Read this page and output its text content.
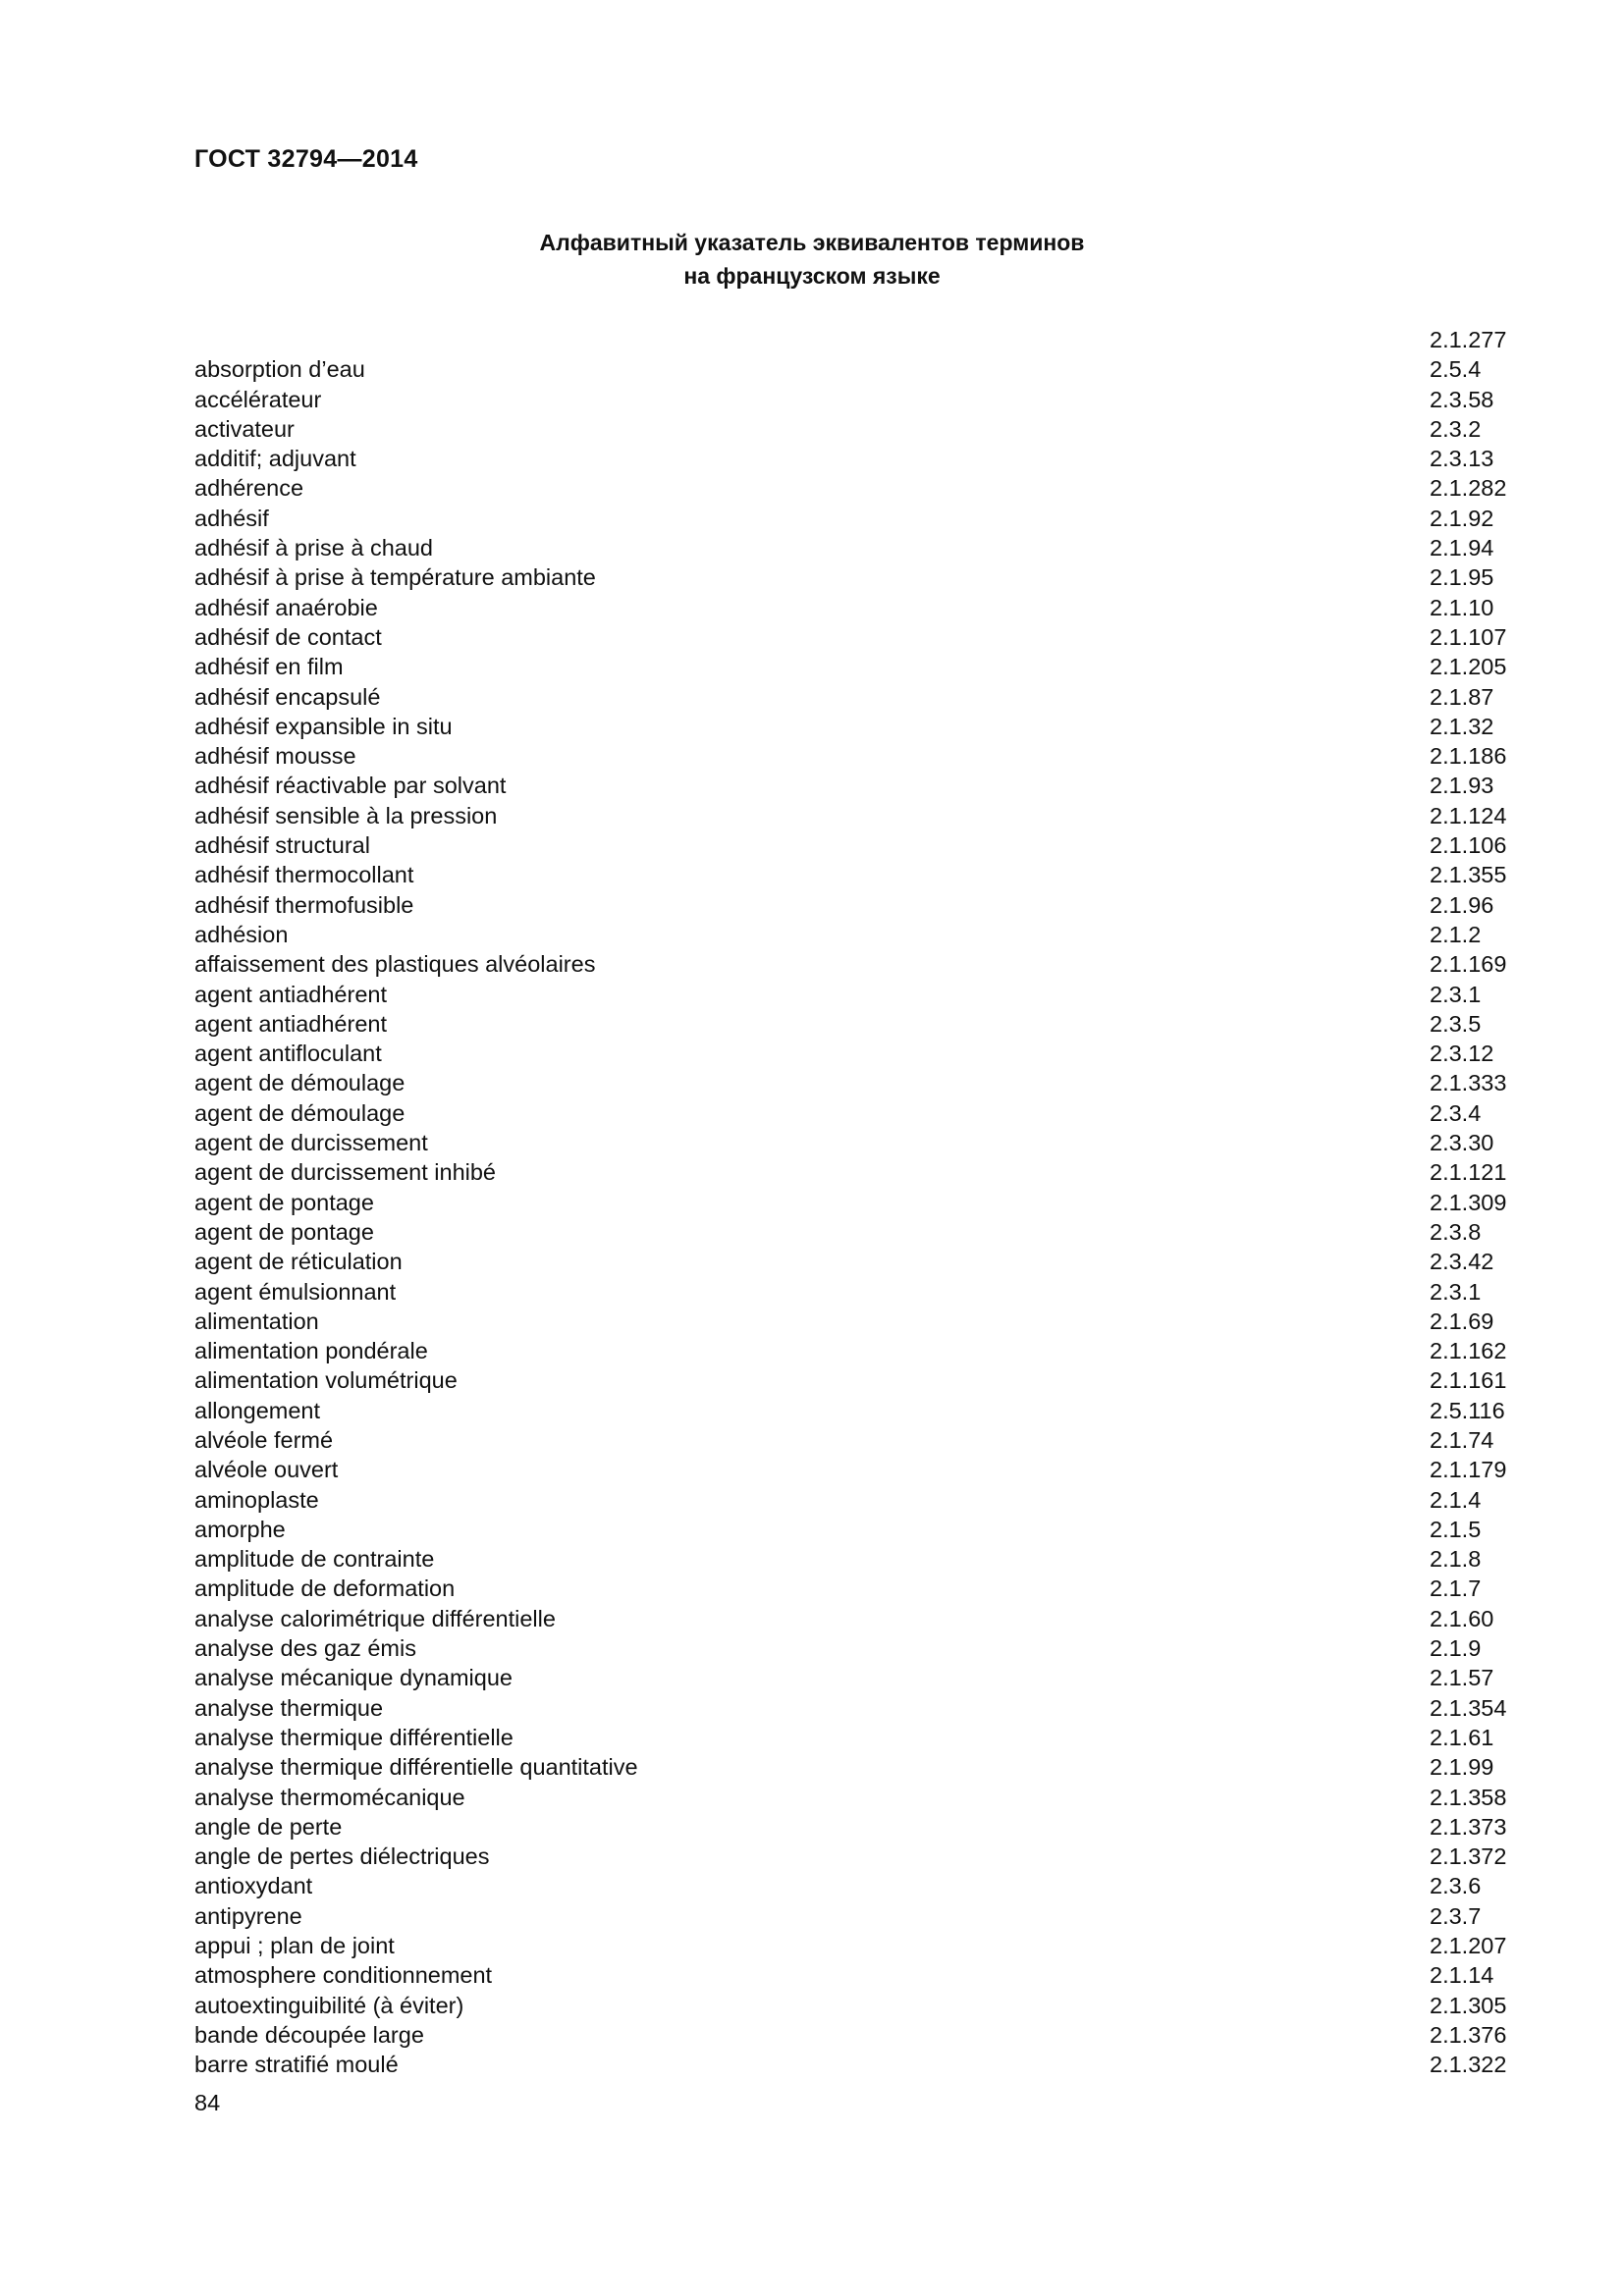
ГОСТ 32794—2014
Алфавитный указатель эквивалентов терминов
на французском языке
2.1.277
absorption d’eau	2.5.4
accélérateur	2.3.58
activateur	2.3.2
additif; adjuvant	2.3.13
adhérence	2.1.282
adhésif	2.1.92
adhésif à prise à chaud	2.1.94
adhésif à prise à température ambiante	2.1.95
adhésif anaérobie	2.1.10
adhésif de contact	2.1.107
adhésif en film	2.1.205
adhésif encapsulé	2.1.87
adhésif expansible in situ	2.1.32
adhésif mousse	2.1.186
adhésif réactivable par solvant	2.1.93
adhésif sensible à la pression	2.1.124
adhésif structural	2.1.106
adhésif thermocollant	2.1.355
adhésif thermofusible	2.1.96
adhésion	2.1.2
affaissement des plastiques alvéolaires	2.1.169
agent antiadhérent	2.3.1
agent antiadhérent	2.3.5
agent antifloculant	2.3.12
agent de démoulage	2.1.333
agent de démoulage	2.3.4
agent de durcissement	2.3.30
agent de durcissement inhibé	2.1.121
agent de pontage	2.1.309
agent de pontage	2.3.8
agent de réticulation	2.3.42
agent émulsionnant	2.3.1
alimentation	2.1.69
alimentation pondérale	2.1.162
alimentation volumétrique	2.1.161
allongement	2.5.116
alvéole fermé	2.1.74
alvéole ouvert	2.1.179
aminoplaste	2.1.4
amorphe	2.1.5
amplitude de contrainte	2.1.8
amplitude de deformation	2.1.7
analyse calorimétrique différentielle	2.1.60
analyse des gaz émis	2.1.9
analyse mécanique dynamique	2.1.57
analyse thermique	2.1.354
analyse thermique différentielle	2.1.61
analyse thermique différentielle quantitative	2.1.99
analyse thermomécanique	2.1.358
angle de perte	2.1.373
angle de pertes diélectriques	2.1.372
antioxydant	2.3.6
antipyrene	2.3.7
appui ; plan de joint	2.1.207
atmosphere conditionnement	2.1.14
autoextinguibilité (à éviter)	2.1.305
bande découpée large	2.1.376
barre stratifié moulé	2.1.322
84
